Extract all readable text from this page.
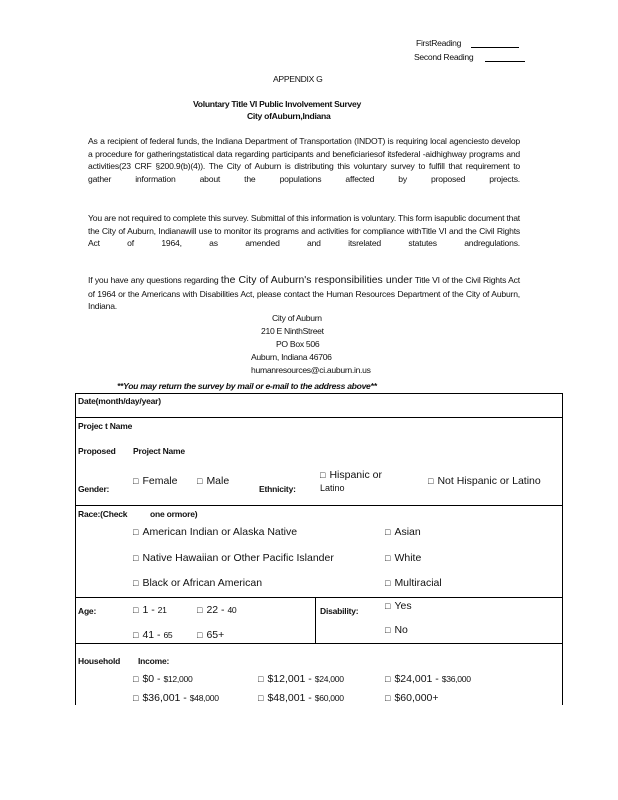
FirstReading
Second Reading
APPENDIX G
Voluntary Title VI Public Involvement Survey
City ofAuburn,Indiana

As a recipient of federal funds, the Indiana Department of Transportation (INDOT) is requiring local agenciesto develop a procedure for gatheringstatistical data regarding participants and beneficiariesof itsfederal -aidhighway programs and activities(23 CRF §200.9(b)(4)). The City of Auburn is distributing this voluntary survey to fulfill that requirement to gather information about the populations affected by proposed projects.

You are not required to complete this survey. Submittal of this information is voluntary. This form isapublic document that the City of Auburn, Indianawill use to monitor its programs and activities for compliance withTitle VI and the Civil Rights Act of 1964, as amended and itsrelated statutes andregulations.

If you have any questions regarding the City of Auburn's responsibilities under Title VI of the Civil Rights Act of 1964 or the Americans with Disabilities Act, please contact the Human Resources Department of the City of Auburn, Indiana.

City of Auburn
210 E NinthStreet
PO Box 506
Auburn, Indiana 46706
humanresources@ci.auburn.in.us
**You may return the survey by mail or e-mail to the address above**
Date(month/day/year)
Projec t Name
Proposed Project Name
Gender:
□ Female □ Male
Ethnicity:
□ Hispanic or
Latino
□ Not Hispanic or Latino
Race:(Check	one ormore)
□ American Indian or Alaska Native	□ Asian
□ Native Hawaiian or Other Pacific Islander	□ White
□ Black or African American	□ Multiracial
Age:	□ 1 - 21	□ 22 - 40
□ 41 - 65	□ 65+
Disability:	□ Yes
□ No
Household Income:
□ $0 - $12,000	□ $12,001 - $24,000	□ $24,001 - $36,000
□ $36,001 - $48,000	□ $48,001 - $60,000	□ $60,000+
